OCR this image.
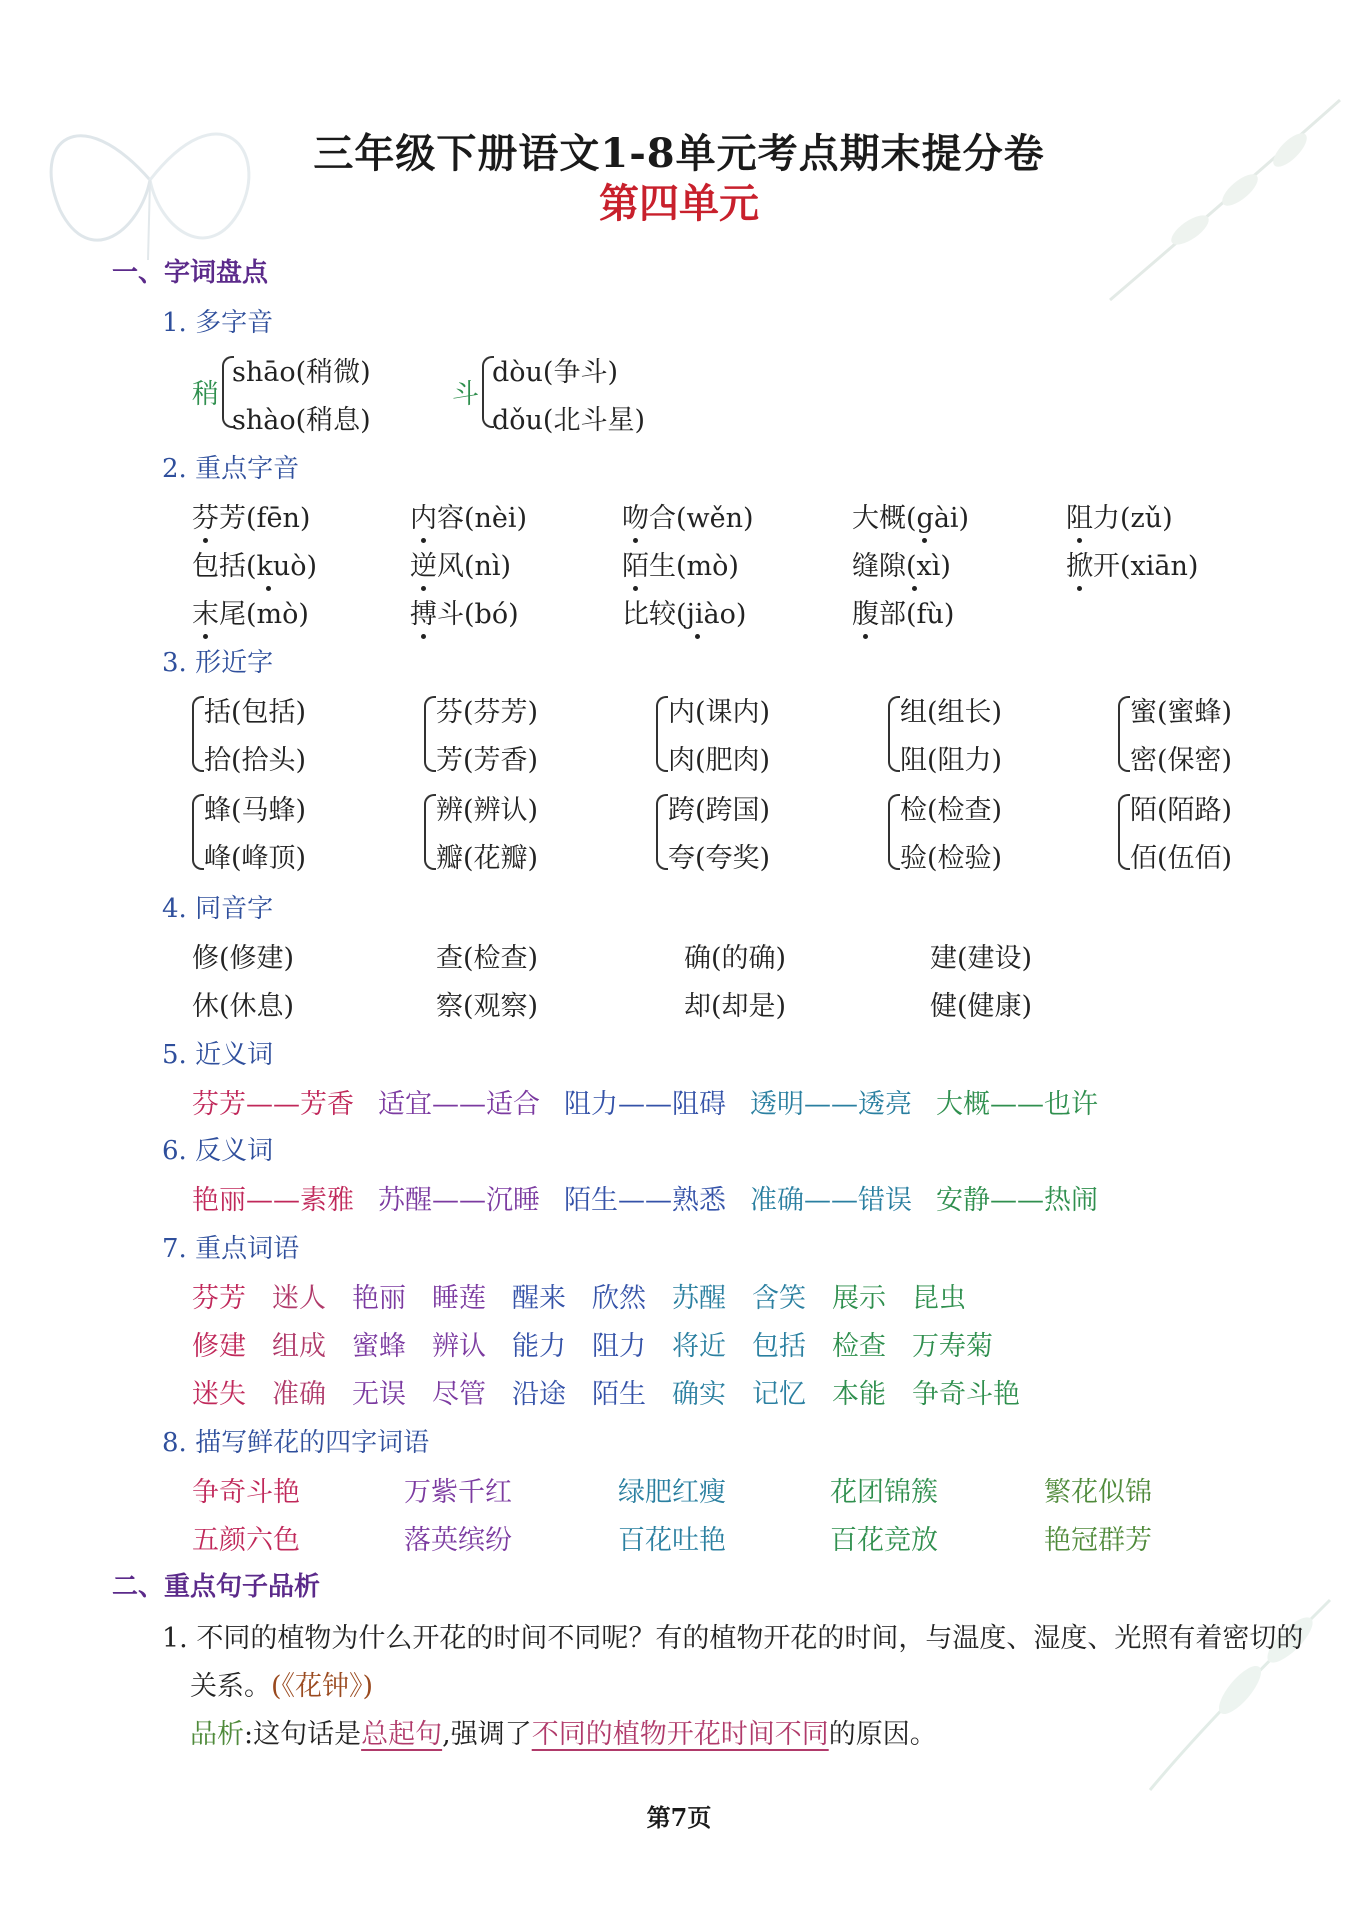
三年级下册语文1-8单元考点期末提分卷
第四单元
一、字词盘点
1. 多字音
稍
shāo(稍微)
shào(稍息)
斗
dòu(争斗)
dǒu(北斗星)
2. 重点字音
芬芳(fēn)	内容(nèi)	吻合(wěn)	大概(gài)	阻力(zǔ)
包括(kuò)	逆风(nì)	陌生(mò)	缝隙(xì)	掀开(xiān)
末尾(mò)	搏斗(bó)	比较(jiào)	腹部(fù)
3. 形近字
括(包括)
拾(拾头)
芬(芬芳)
芳(芳香)
内(课内)
肉(肥肉)
组(组长)
阻(阻力)
蜜(蜜蜂)
密(保密)
蜂(马蜂)
峰(峰顶)
辨(辨认)
瓣(花瓣)
跨(跨国)
夸(夸奖)
检(检查)
验(检验)
陌(陌路)
佰(伍佰)
4. 同音字
修(修建)	查(检查)	确(的确)	建(建设)
休(休息)	察(观察)	却(却是)	健(健康)
5. 近义词
芬芳——芳香 适宜——适合 阻力——阻碍 透明——透亮 大概——也许
6. 反义词
艳丽——素雅 苏醒——沉睡 陌生——熟悉 准确——错误 安静——热闹
7. 重点词语
芬芳 迷人 艳丽 睡莲 醒来 欣然 苏醒 含笑 展示 昆虫
修建 组成 蜜蜂 辨认 能力 阻力 将近 包括 检查 万寿菊
迷失 准确 无误 尽管 沿途 陌生 确实 记忆 本能 争奇斗艳
8. 描写鲜花的四字词语
争奇斗艳	万紫千红	绿肥红瘦	花团锦簇	繁花似锦
五颜六色	落英缤纷	百花吐艳	百花竞放	艳冠群芳
二、重点句子品析
1. 不同的植物为什么开花的时间不同呢？有的植物开花的时间，与温度、湿度、光照有着密切的
关系。(《花钟》)
品析:这句话是总起句,强调了不同的植物开花时间不同的原因。
第7页
